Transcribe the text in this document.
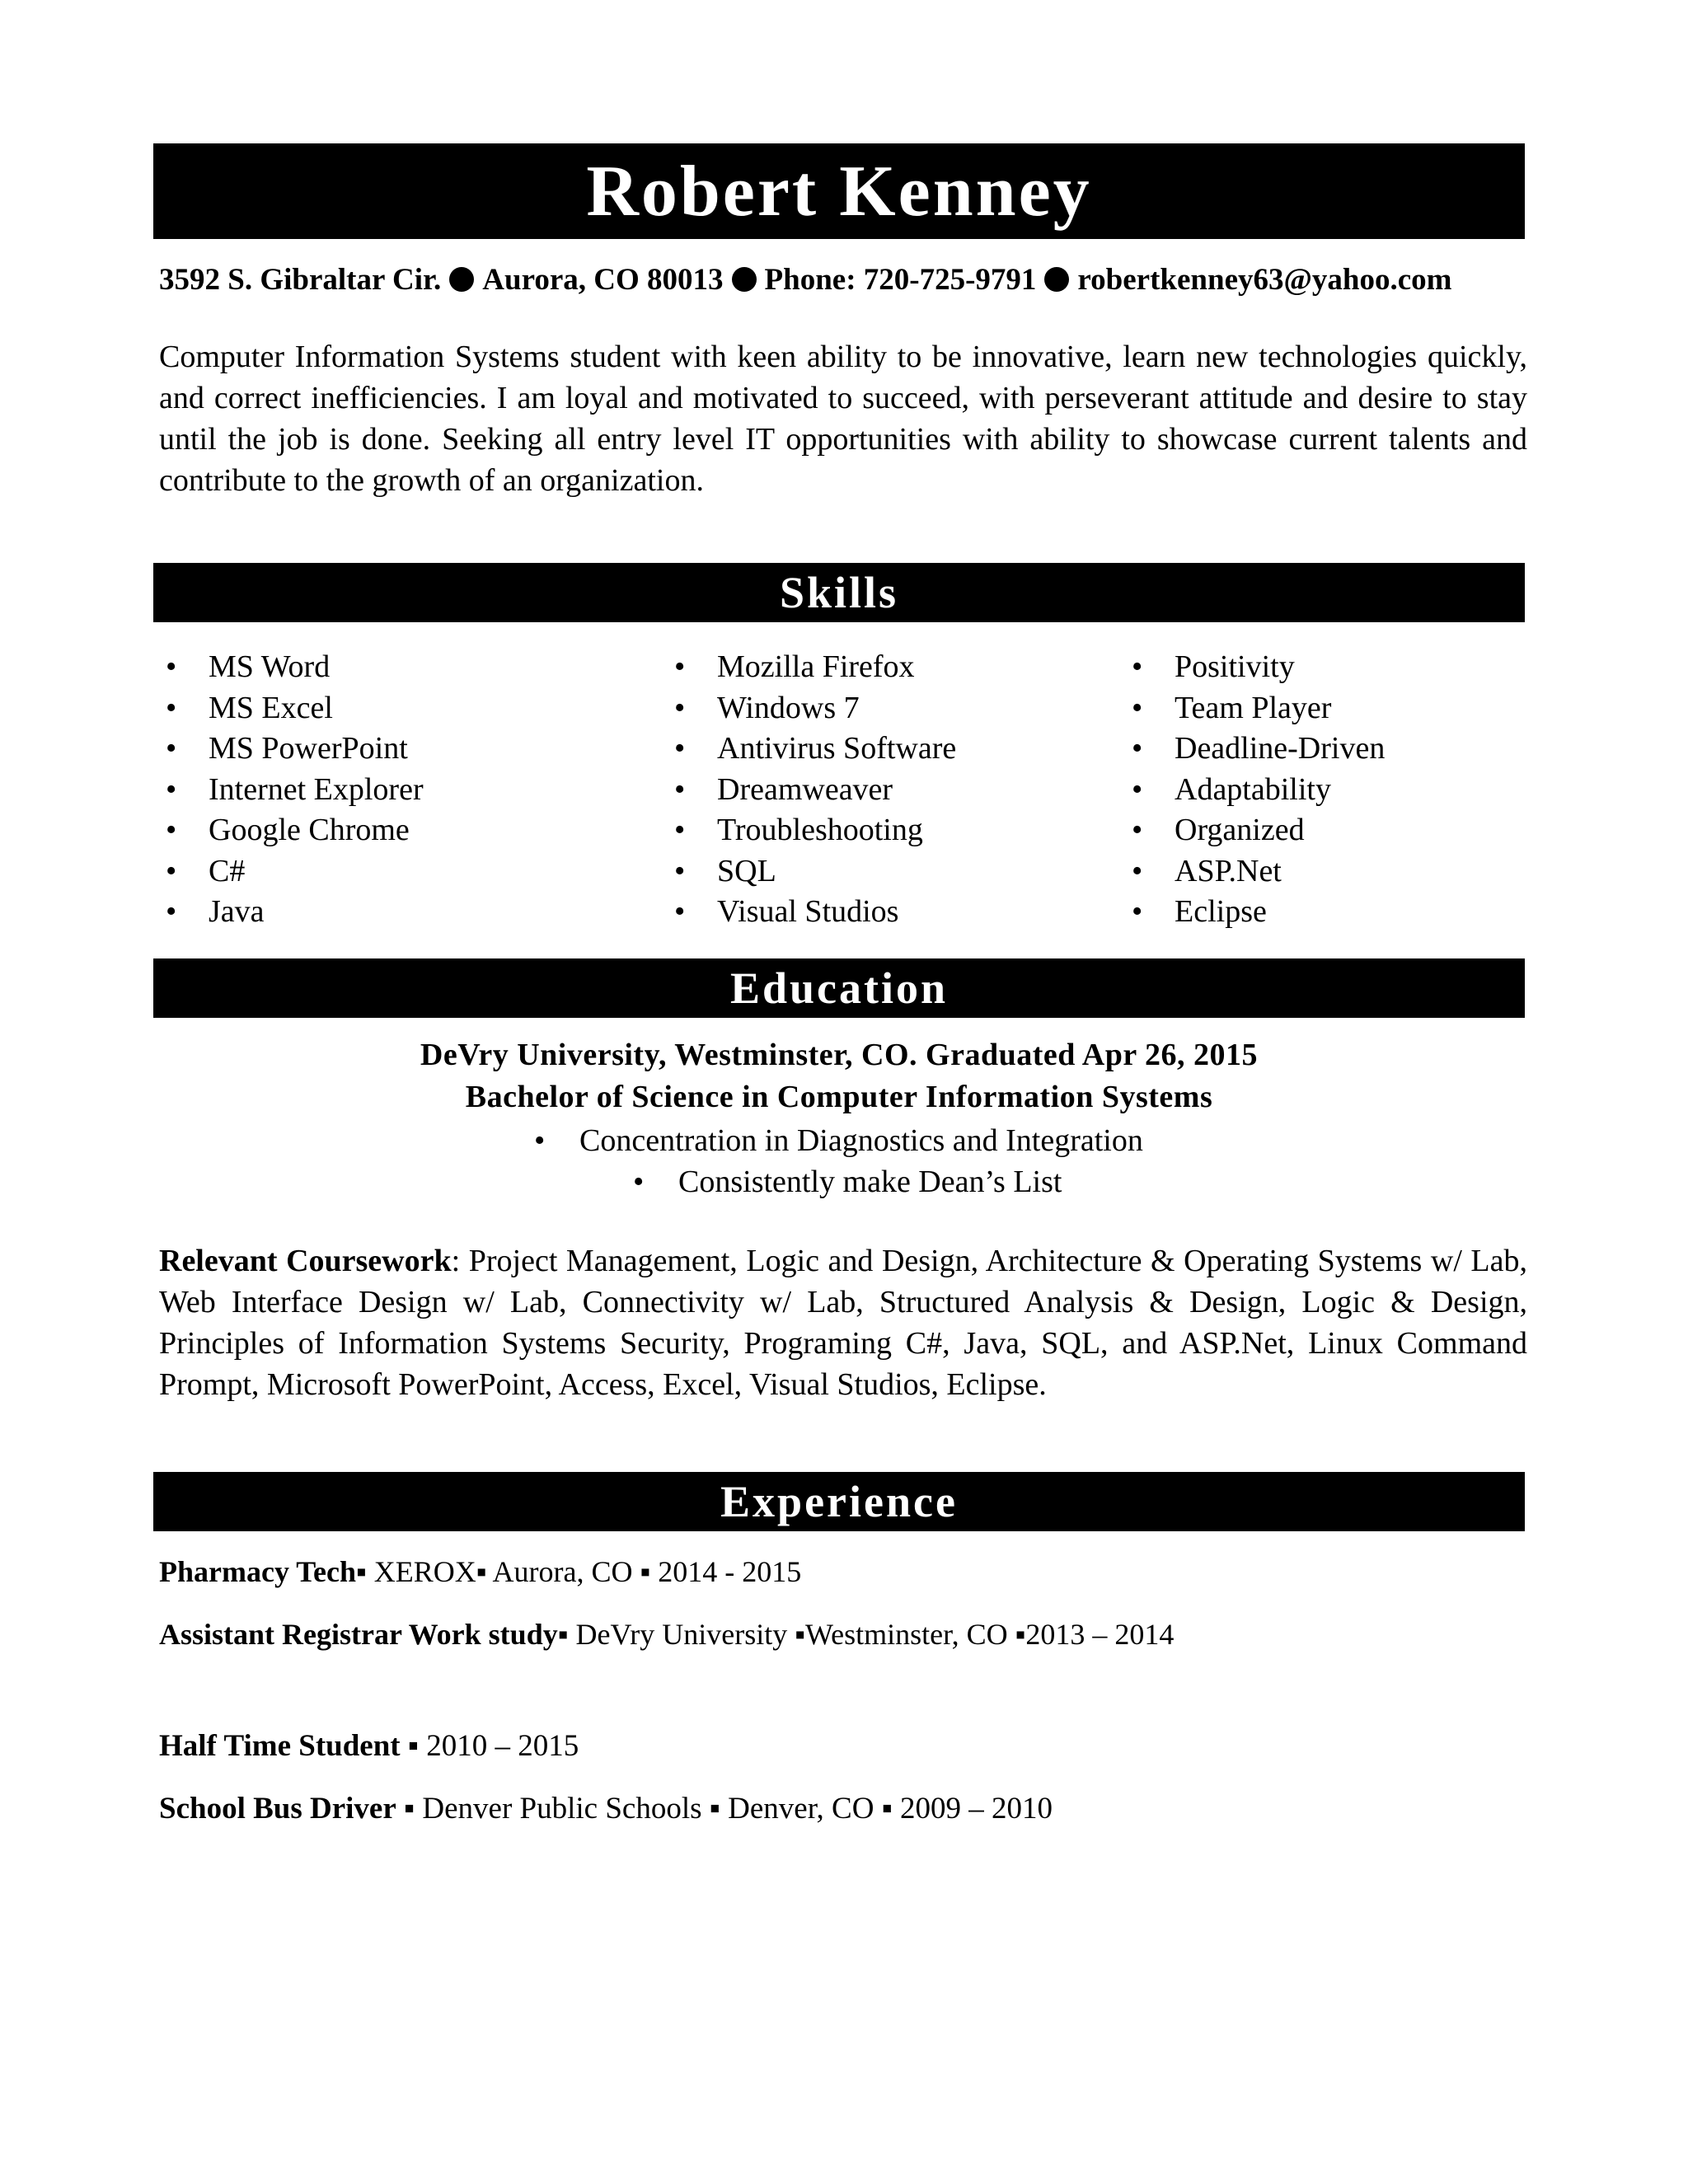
Robert Kenney
3592 S. Gibraltar Cir. Aurora, CO 80013 Phone: 720-725-9791 robertkenney63@yahoo.com
Computer Information Systems student with keen ability to be innovative, learn new technologies quickly, and correct inefficiencies. I am loyal and motivated to succeed, with perseverant attitude and desire to stay until the job is done. Seeking all entry level IT opportunities with ability to showcase current talents and contribute to the growth of an organization.
Skills
• MS Word
• MS Excel
• MS PowerPoint
• Internet Explorer
• Google Chrome
• C#
• Java
• Mozilla Firefox
• Windows 7
• Antivirus Software
• Dreamweaver
• Troubleshooting
• SQL
• Visual Studios
• Positivity
• Team Player
• Deadline-Driven
• Adaptability
• Organized
• ASP.Net
• Eclipse
Education
DeVry University, Westminster, CO. Graduated Apr 26, 2015
Bachelor of Science in Computer Information Systems
• Concentration in Diagnostics and Integration
• Consistently make Dean’s List
Relevant Coursework: Project Management, Logic and Design, Architecture & Operating Systems w/ Lab, Web Interface Design w/ Lab, Connectivity w/ Lab, Structured Analysis & Design, Logic & Design, Principles of Information Systems Security, Programing C#, Java, SQL, and ASP.Net, Linux Command Prompt, Microsoft PowerPoint, Access, Excel, Visual Studios, Eclipse.
Experience
Pharmacy Tech▪ XEROX▪ Aurora, CO ▪ 2014 - 2015
Assistant Registrar Work study▪ DeVry University ▪Westminster, CO ▪2013 – 2014
Half Time Student ▪ 2010 – 2015
School Bus Driver ▪ Denver Public Schools ▪ Denver, CO ▪ 2009 – 2010
